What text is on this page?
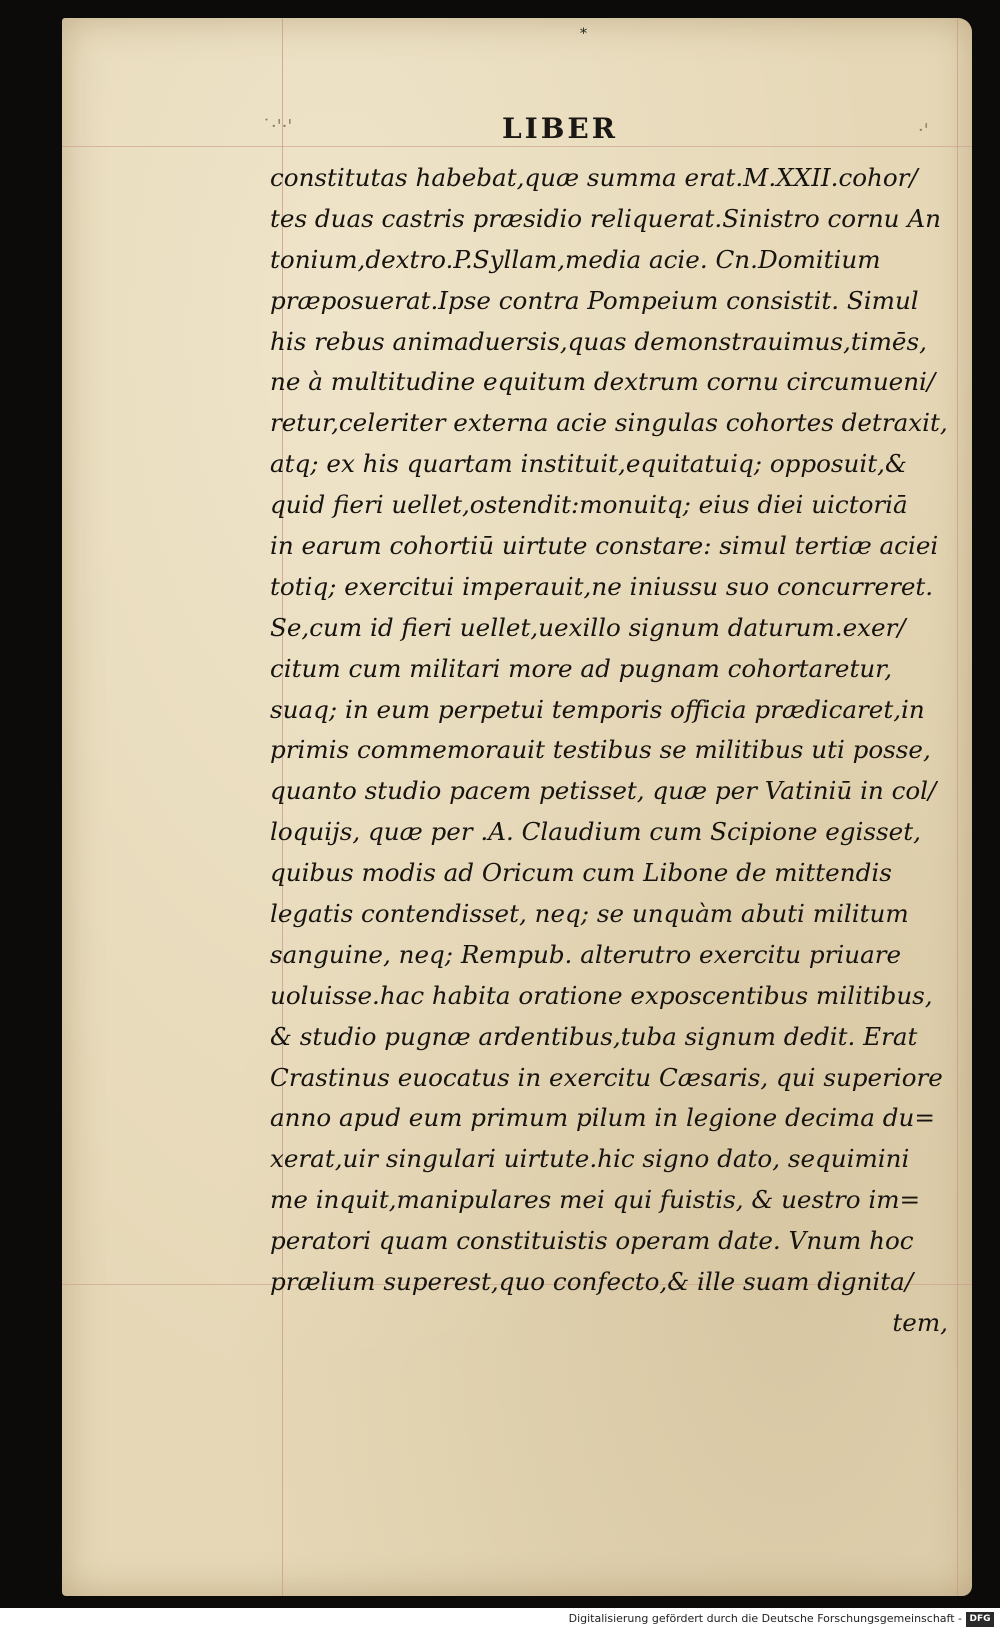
*
˙·'·'	·'
LIBER
constitutas habebat,quæ summa erat.M.XXII.cohor/
tes duas castris præsidio reliquerat.Sinistro cornu An
tonium,dextro.P.Syllam,media acie. Cn.Domitium
præposuerat.Ipse contra Pompeium consistit. Simul
his rebus animaduersis,quas demonstrauimus,timēs,
ne à multitudine equitum dextrum cornu circumueni/
retur,celeriter externa acie singulas cohortes detraxit,
atq; ex his quartam instituit,equitatuiq; opposuit,&
quid fieri uellet,ostendit:monuitq; eius diei uictoriā
in earum cohortiū uirtute constare: simul tertiæ aciei
totiq; exercitui imperauit,ne iniussu suo concurreret.
Se,cum id fieri uellet,uexillo signum daturum.exer/
citum cum militari more ad pugnam cohortaretur,
suaq; in eum perpetui temporis officia prædicaret,in
primis commemorauit testibus se militibus uti posse,
quanto studio pacem petisset, quæ per Vatiniū in col/
loquijs, quæ per .A. Claudium cum Scipione egisset,
quibus modis ad Oricum cum Libone de mittendis
legatis contendisset, neq; se unquàm abuti militum
sanguine, neq; Rempub. alterutro exercitu priuare
uoluisse.hac habita oratione exposcentibus militibus,
& studio pugnæ ardentibus,tuba signum dedit. Erat
Crastinus euocatus in exercitu Cæsaris, qui superiore
anno apud eum primum pilum in legione decima du=
xerat,uir singulari uirtute.hic signo dato, sequimini
me inquit,manipulares mei qui fuistis, & uestro im=
peratori quam constituistis operam date. Vnum hoc
prælium superest,quo confecto,& ille suam dignita/
tem,
Digitalisierung gefördert durch die Deutsche Forschungsgemeinschaft - DFG
